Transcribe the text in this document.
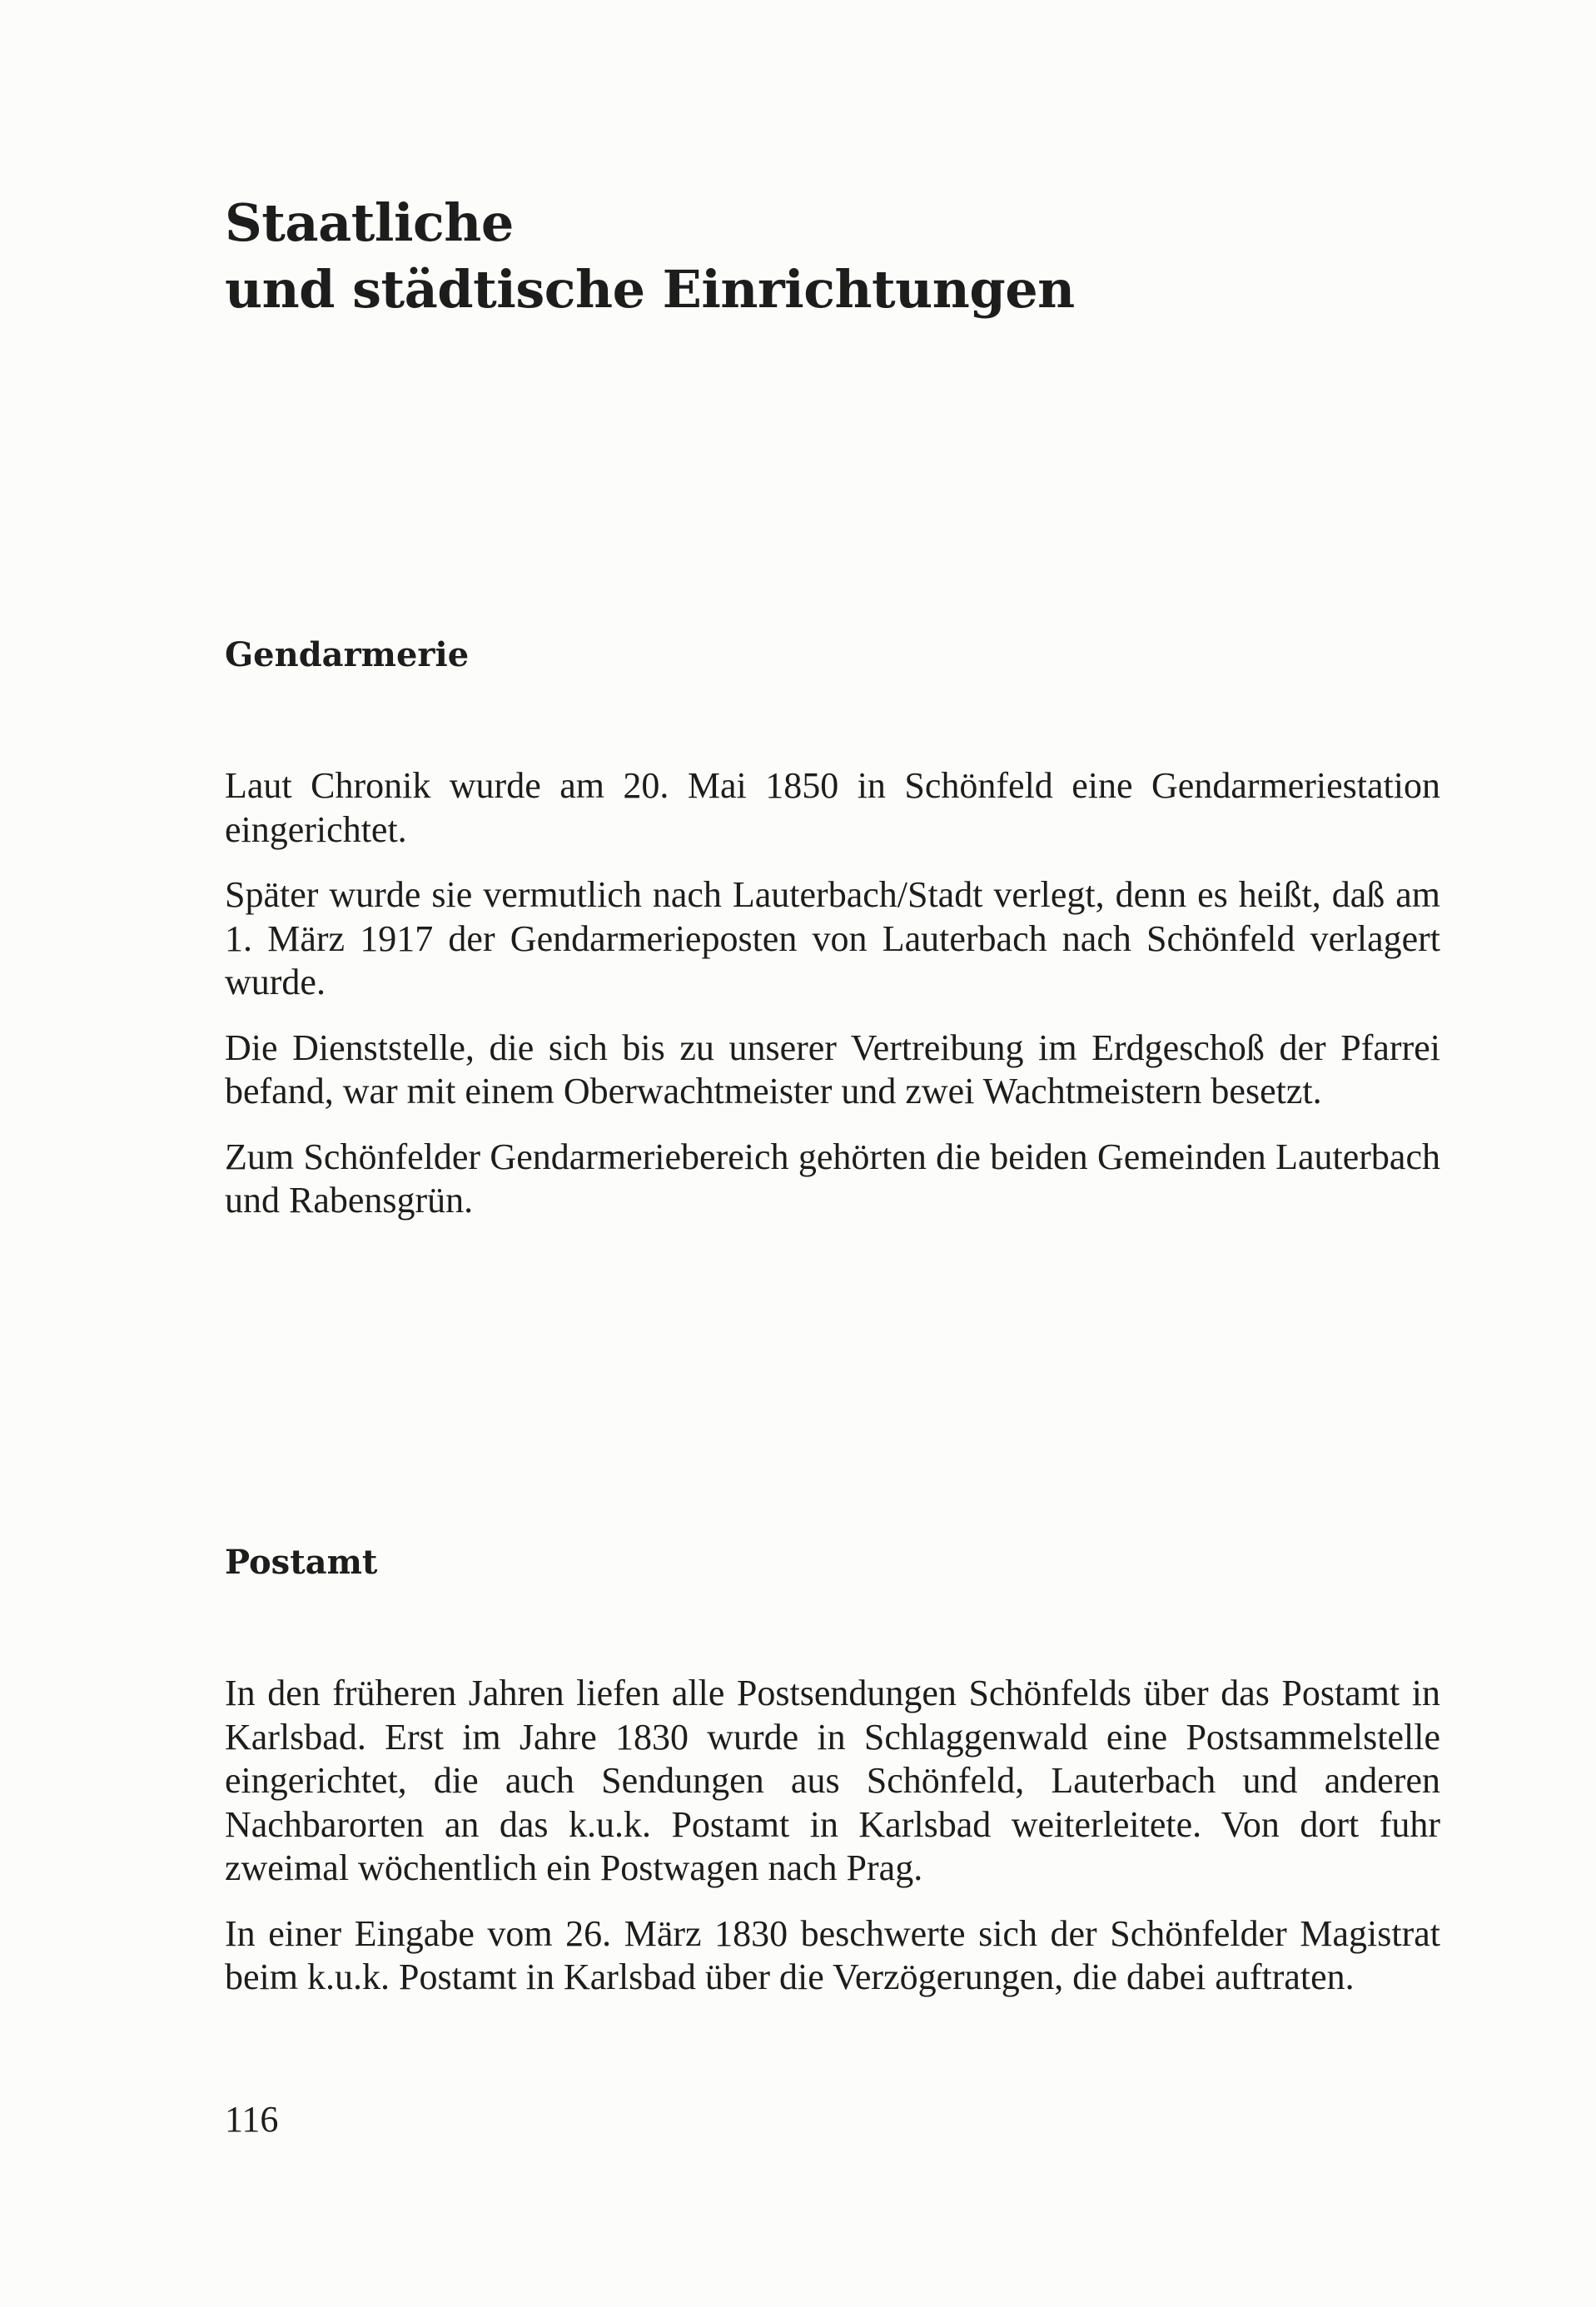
Staatliche
und städtische Einrichtungen
Gendarmerie

Laut Chronik wurde am 20. Mai 1850 in Schönfeld eine Gendarmeriestation eingerichtet.

Später wurde sie vermutlich nach Lauterbach/Stadt verlegt, denn es heißt, daß am 1. März 1917 der Gendarmerieposten von Lauterbach nach Schönfeld verlagert wurde.

Die Dienststelle, die sich bis zu unserer Vertreibung im Erdgeschoß der Pfarrei befand, war mit einem Oberwachtmeister und zwei Wachtmeistern besetzt.

Zum Schönfelder Gendarmeriebereich gehörten die beiden Gemeinden Lauterbach und Rabensgrün.

Postamt

In den früheren Jahren liefen alle Postsendungen Schönfelds über das Postamt in Karlsbad. Erst im Jahre 1830 wurde in Schlaggenwald eine Postsammelstelle eingerichtet, die auch Sendungen aus Schönfeld, Lauterbach und anderen Nachbarorten an das k.u.k. Postamt in Karlsbad weiterleitete. Von dort fuhr zweimal wöchentlich ein Postwagen nach Prag.

In einer Eingabe vom 26. März 1830 beschwerte sich der Schönfelder Magistrat beim k.u.k. Postamt in Karlsbad über die Verzögerungen, die dabei auftraten.

116
